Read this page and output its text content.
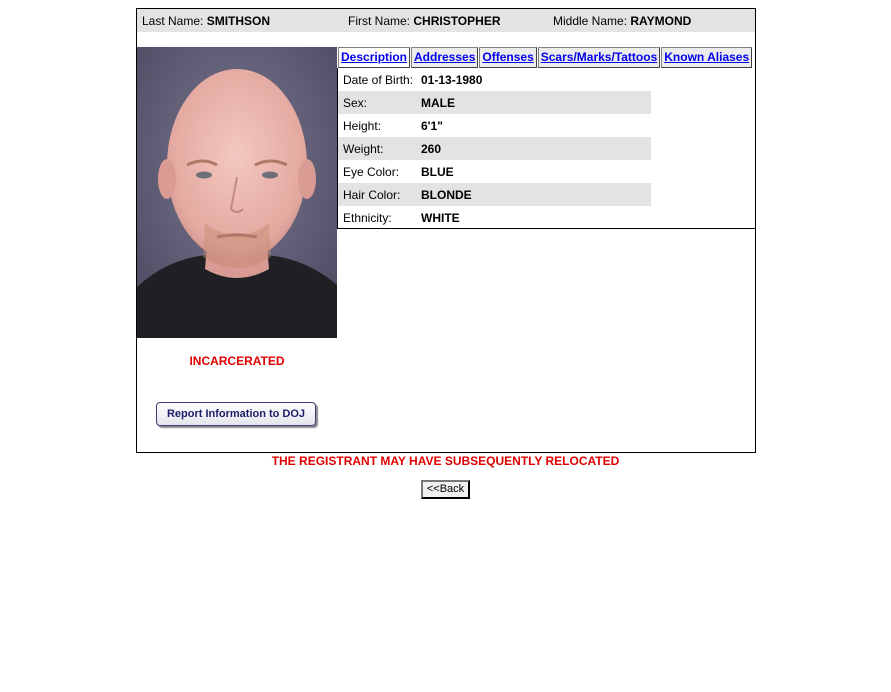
Last Name: SMITHSON	First Name: CHRISTOPHER	Middle Name: RAYMOND
INCARCERATED
Report Information to DOJ
Description Addresses Offenses Scars/Marks/Tattoos Known Aliases
Date of Birth: 01-13-1980
Sex:	MALE
Height:	6'1"
Weight:	260
Eye Color: BLUE
Hair Color: BLONDE
Ethnicity: WHITE
THE REGISTRANT MAY HAVE SUBSEQUENTLY RELOCATED
<<Back
